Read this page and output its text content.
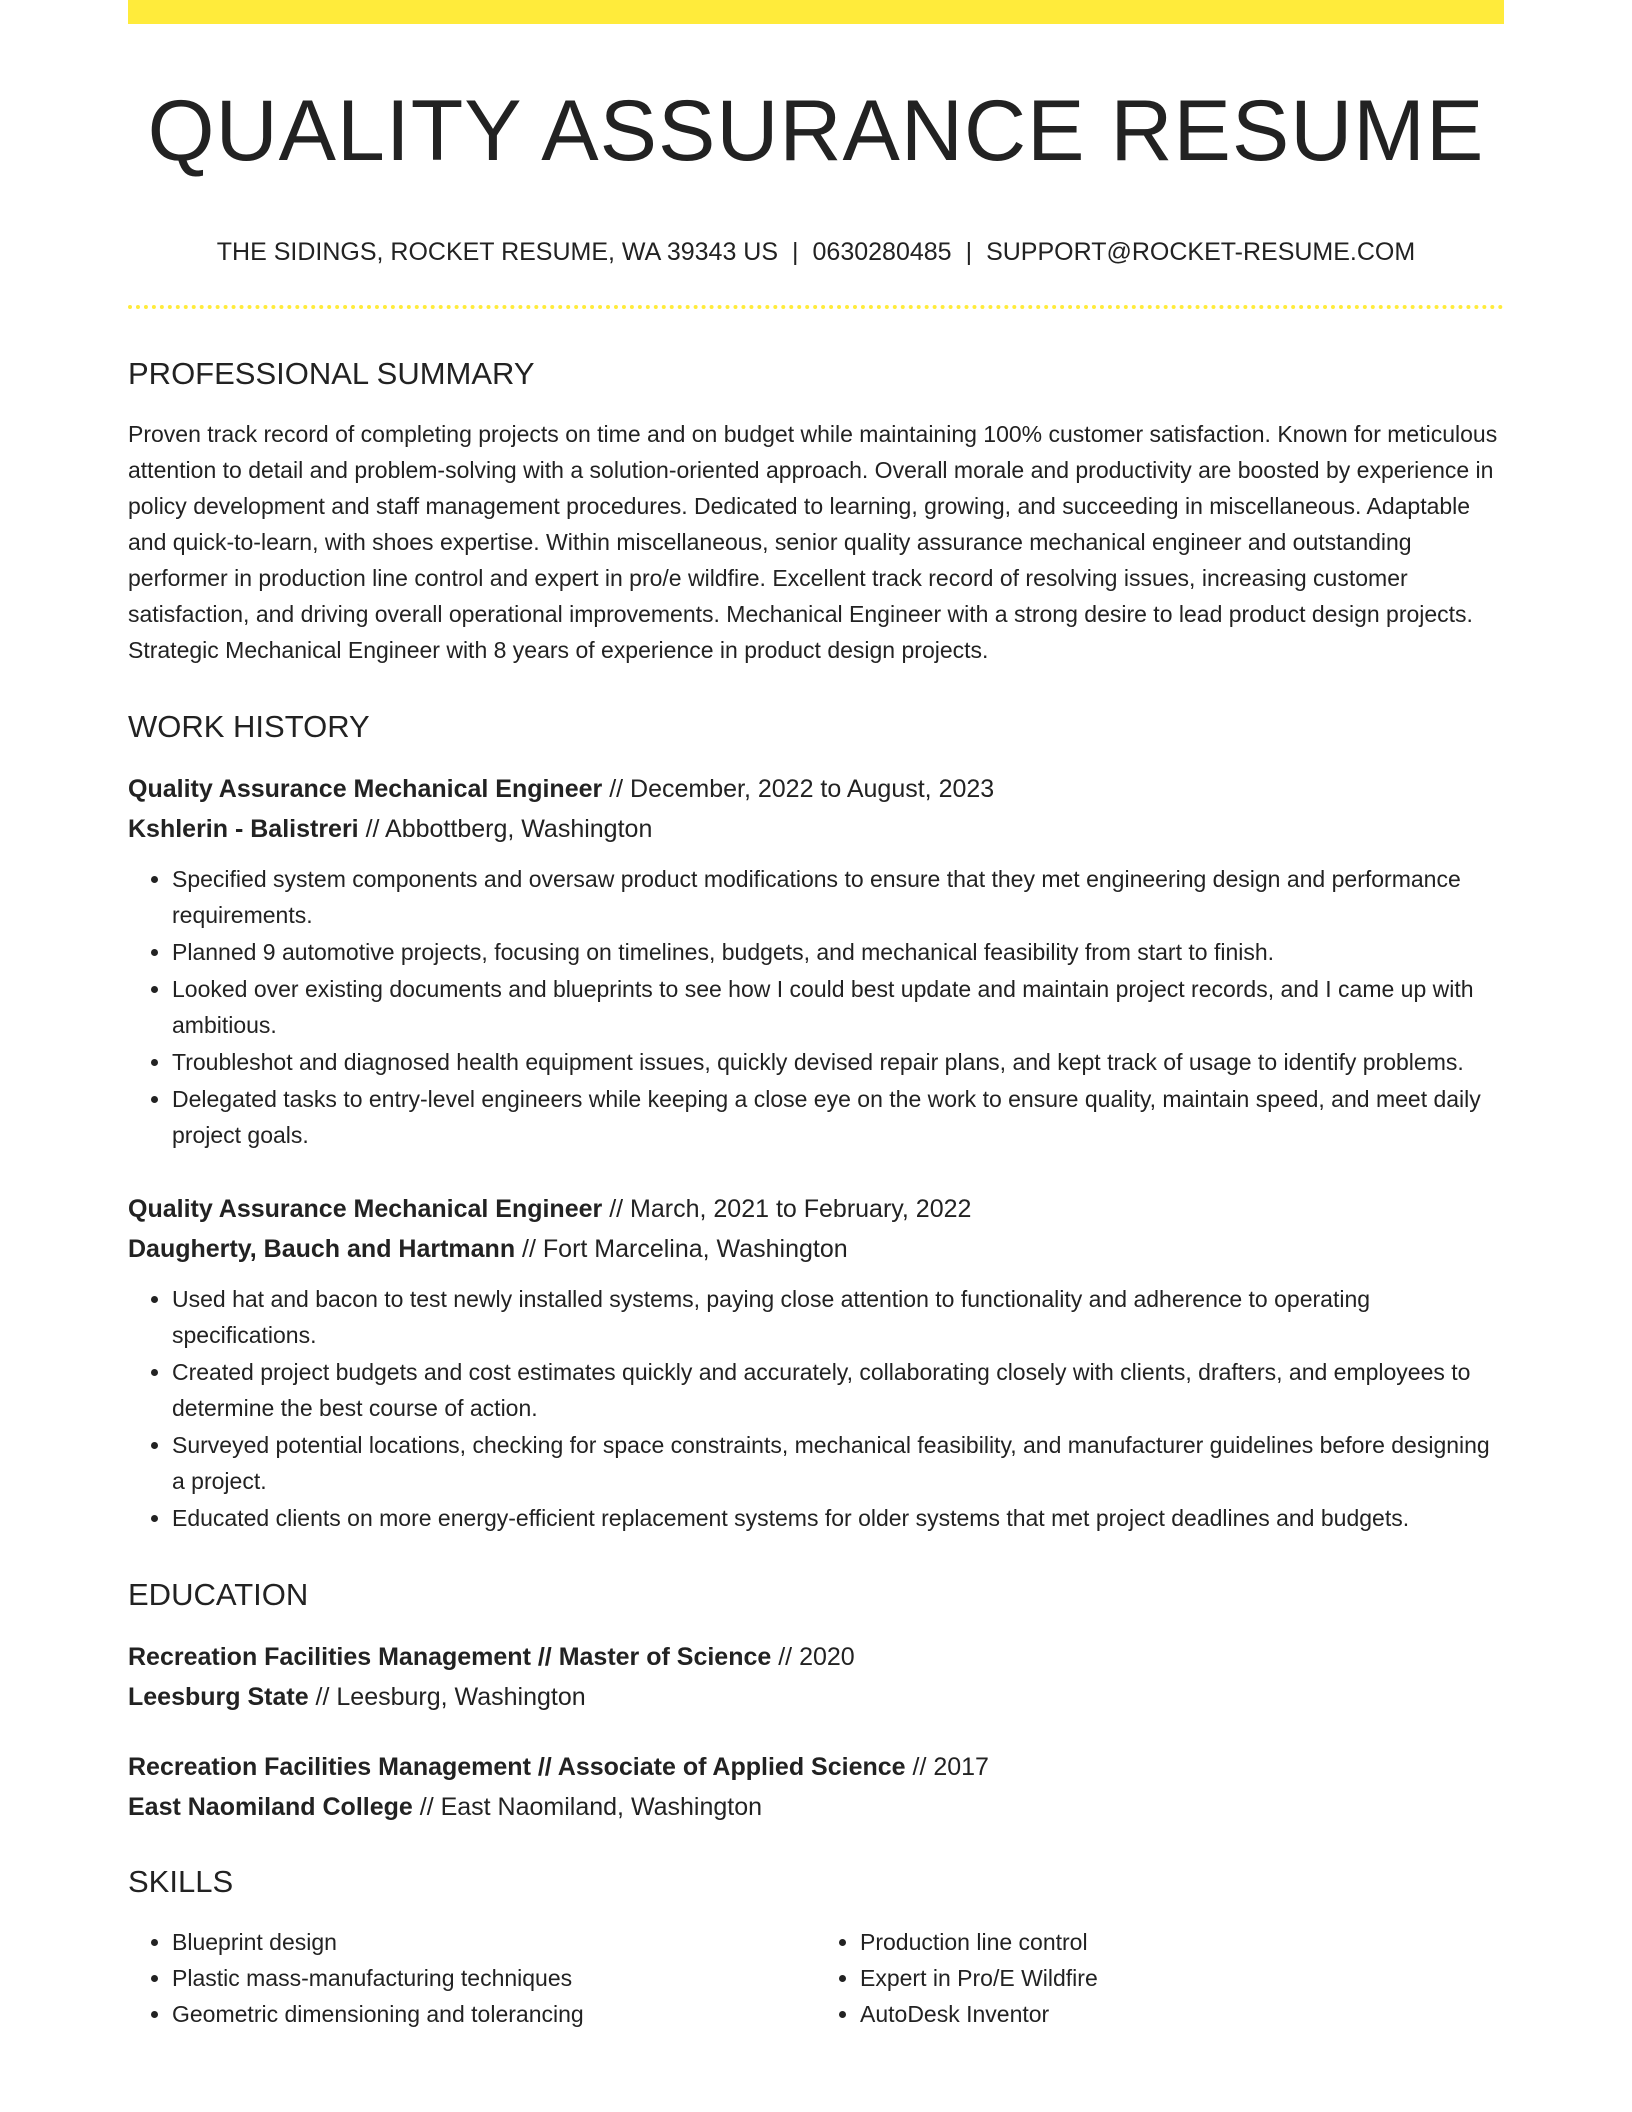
QUALITY ASSURANCE RESUME
THE SIDINGS, ROCKET RESUME, WA 39343 US | 0630280485 | SUPPORT@ROCKET-RESUME.COM
PROFESSIONAL SUMMARY
Proven track record of completing projects on time and on budget while maintaining 100% customer satisfaction. Known for meticulous attention to detail and problem-solving with a solution-oriented approach. Overall morale and productivity are boosted by experience in policy development and staff management procedures. Dedicated to learning, growing, and succeeding in miscellaneous. Adaptable and quick-to-learn, with shoes expertise. Within miscellaneous, senior quality assurance mechanical engineer and outstanding performer in production line control and expert in pro/e wildfire. Excellent track record of resolving issues, increasing customer satisfaction, and driving overall operational improvements. Mechanical Engineer with a strong desire to lead product design projects. Strategic Mechanical Engineer with 8 years of experience in product design projects.
WORK HISTORY
Quality Assurance Mechanical Engineer // December, 2022 to August, 2023
Kshlerin - Balistreri // Abbottberg, Washington
• Specified system components and oversaw product modifications to ensure that they met engineering design and performance requirements.
• Planned 9 automotive projects, focusing on timelines, budgets, and mechanical feasibility from start to finish.
• Looked over existing documents and blueprints to see how I could best update and maintain project records, and I came up with ambitious.
• Troubleshot and diagnosed health equipment issues, quickly devised repair plans, and kept track of usage to identify problems.
• Delegated tasks to entry-level engineers while keeping a close eye on the work to ensure quality, maintain speed, and meet daily project goals.
Quality Assurance Mechanical Engineer // March, 2021 to February, 2022
Daugherty, Bauch and Hartmann // Fort Marcelina, Washington
• Used hat and bacon to test newly installed systems, paying close attention to functionality and adherence to operating specifications.
• Created project budgets and cost estimates quickly and accurately, collaborating closely with clients, drafters, and employees to determine the best course of action.
• Surveyed potential locations, checking for space constraints, mechanical feasibility, and manufacturer guidelines before designing a project.
• Educated clients on more energy-efficient replacement systems for older systems that met project deadlines and budgets.
EDUCATION
Recreation Facilities Management // Master of Science // 2020
Leesburg State // Leesburg, Washington
Recreation Facilities Management // Associate of Applied Science // 2017
East Naomiland College // East Naomiland, Washington
SKILLS
• Blueprint design
• Plastic mass-manufacturing techniques
• Geometric dimensioning and tolerancing
• Production line control
• Expert in Pro/E Wildfire
• AutoDesk Inventor
